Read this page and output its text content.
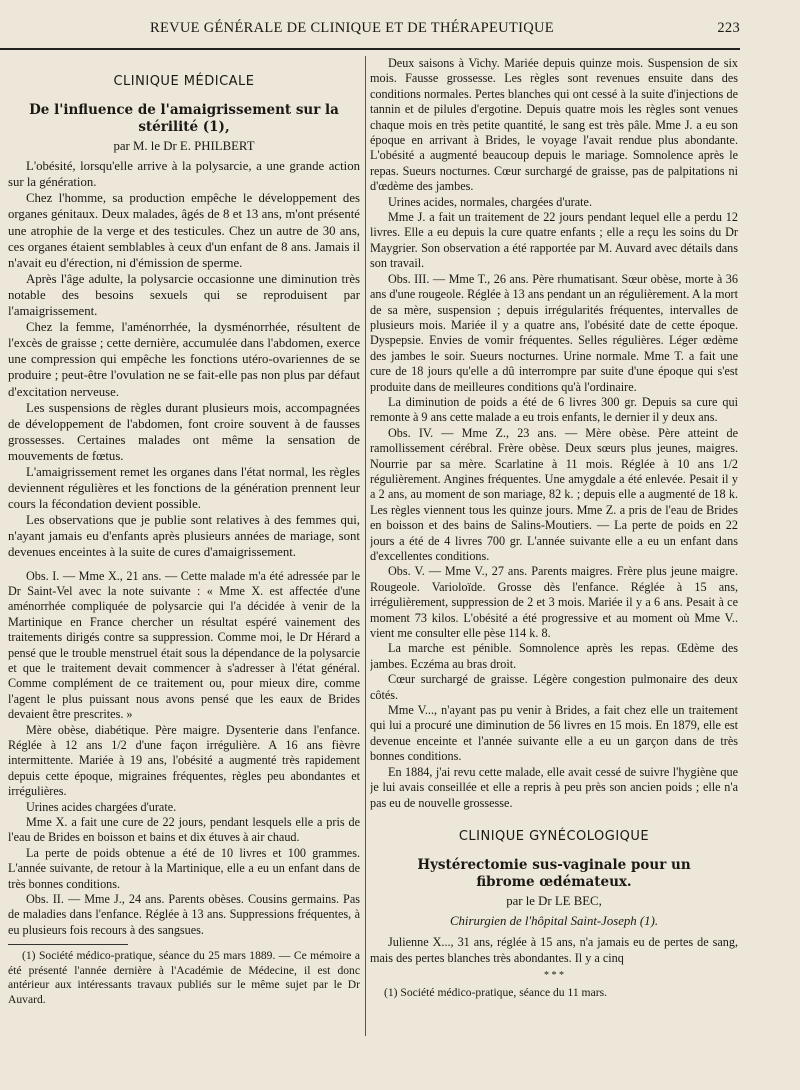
REVUE GÉNÉRALE DE CLINIQUE ET DE THÉRAPEUTIQUE	223
CLINIQUE MÉDICALE
De l'influence de l'amaigrissement sur la stérilité (1),
par M. le Dr E. PHILBERT

L'obésité, lorsqu'elle arrive à la polysarcie, a une grande action sur la génération.

Chez l'homme, sa production empêche le développement des organes génitaux. Deux malades, âgés de 8 et 13 ans, m'ont présenté une atrophie de la verge et des testicules. Chez un autre de 30 ans, ces organes étaient semblables à ceux d'un enfant de 8 ans. Jamais il n'avait eu d'érection, ni d'émission de sperme.

Après l'âge adulte, la polysarcie occasionne une diminution très notable des besoins sexuels qui se reproduisent par l'amaigrissement.

Chez la femme, l'aménorrhée, la dysménorrhée, résultent de l'excès de graisse ; cette dernière, accumulée dans l'abdomen, exerce une compression qui empêche les fonctions utéro-ovariennes de se produire ; peut-être l'ovulation ne se fait-elle pas non plus par défaut d'excitation nerveuse.

Les suspensions de règles durant plusieurs mois, accompagnées de développement de l'abdomen, font croire souvent à de fausses grossesses. Certaines malades ont même la sensation de mouvements de fœtus.

L'amaigrissement remet les organes dans l'état normal, les règles deviennent régulières et les fonctions de la génération prennent leur cours la fécondation devient possible.

Les observations que je publie sont relatives à des femmes qui, n'ayant jamais eu d'enfants après plusieurs années de mariage, sont devenues enceintes à la suite de cures d'amaigrissement.

Obs. I. — Mme X., 21 ans. — Cette malade m'a été adressée par le Dr Saint-Vel avec la note suivante : « Mme X. est affectée d'une aménorrhée compliquée de polysarcie qui l'a décidée à venir de la Martinique en France chercher un résultat espéré vainement des traitements dirigés contre sa suppression. Comme moi, le Dr Hérard a pensé que le trouble menstruel était sous la dépendance de la polysarcie et que le traitement devait commencer à s'adresser à l'état général. Comme complément de ce traitement ou, pour mieux dire, comme l'agent le plus puissant nous avons pensé que les eaux de Brides devaient être prescrites. »

Mère obèse, diabétique. Père maigre. Dysenterie dans l'enfance. Réglée à 12 ans 1/2 d'une façon irrégulière. A 16 ans fièvre intermittente. Mariée à 19 ans, l'obésité a augmenté très rapidement depuis cette époque, migraines fréquentes, règles peu abondantes et irrégulières.

Urines acides chargées d'urate.

Mme X. a fait une cure de 22 jours, pendant lesquels elle a pris de l'eau de Brides en boisson et bains et dix étuves à air chaud.

La perte de poids obtenue a été de 10 livres et 100 grammes. L'année suivante, de retour à la Martinique, elle a eu un enfant dans de très bonnes conditions.

Obs. II. — Mme J., 24 ans. Parents obèses. Cousins germains. Pas de maladies dans l'enfance. Réglée à 13 ans. Suppressions fréquentes, à eu plusieurs fois recours à des sangsues.

(1) Société médico-pratique, séance du 25 mars 1889. — Ce mémoire a été présenté l'année dernière à l'Académie de Médecine, il est donc antérieur aux intéressants travaux publiés sur le même sujet par le Dr Auvard.

Deux saisons à Vichy. Mariée depuis quinze mois. Suspension de six mois. Fausse grossesse. Les règles sont revenues ensuite dans des conditions normales. Pertes blanches qui ont cessé à la suite d'injections de tannin et de pilules d'ergotine. Depuis quatre mois les règles sont venues chaque mois en très petite quantité, le sang est très pâle. Mme J. a eu son époque en arrivant à Brides, le voyage l'avait rendue plus abondante. L'obésité a augmenté beaucoup depuis le mariage. Somnolence après le repas. Sueurs nocturnes. Cœur surchargé de graisse, pas de palpitations ni d'œdème des jambes.

Urines acides, normales, chargées d'urate.

Mme J. a fait un traitement de 22 jours pendant lequel elle a perdu 12 livres. Elle a eu depuis la cure quatre enfants ; elle a reçu les soins du Dr Maygrier. Son observation a été rapportée par M. Auvard avec détails dans son travail.

Obs. III. — Mme T., 26 ans. Père rhumatisant. Sœur obèse, morte à 36 ans d'une rougeole. Réglée à 13 ans pendant un an régulièrement. A la mort de sa mère, suspension ; depuis irrégularités fréquentes, intervalles de plusieurs mois. Mariée il y a quatre ans, l'obésité date de cette époque. Dyspepsie. Envies de vomir fréquentes. Selles régulières. Léger œdème des jambes le soir. Sueurs nocturnes. Urine normale. Mme T. a fait une cure de 18 jours qu'elle a dû interrompre par suite d'une époque qui s'est produite dans de meilleures conditions qu'à l'ordinaire.

La diminution de poids a été de 6 livres 300 gr. Depuis sa cure qui remonte à 9 ans cette malade a eu trois enfants, le dernier il y deux ans.

Obs. IV. — Mme Z., 23 ans. — Mère obèse. Père atteint de ramollissement cérébral. Frère obèse. Deux sœurs plus jeunes, maigres. Nourrie par sa mère. Scarlatine à 11 mois. Réglée à 10 ans 1/2 régulièrement. Angines fréquentes. Une amygdale a été enlevée. Pesait il y a 2 ans, au moment de son mariage, 82 k. ; depuis elle a augmenté de 18 k. Les règles viennent tous les quinze jours. Mme Z. a pris de l'eau de Brides en boisson et des bains de Salins-Moutiers. — La perte de poids en 22 jours a été de 4 livres 700 gr. L'année suivante elle a eu un enfant dans d'excellentes conditions.

Obs. V. — Mme V., 27 ans. Parents maigres. Frère plus jeune maigre. Rougeole. Varioloïde. Grosse dès l'enfance. Réglée à 15 ans, irrégulièrement, suppression de 2 et 3 mois. Mariée il y a 6 ans. Pesait à ce moment 73 kilos. L'obésité a été progressive et au moment où Mme V.. vient me consulter elle pèse 114 k. 8.

La marche est pénible. Somnolence après les repas. Œdème des jambes. Eczéma au bras droit.

Cœur surchargé de graisse. Légère congestion pulmonaire des deux côtés.

Mme V..., n'ayant pas pu venir à Brides, a fait chez elle un traitement qui lui a procuré une diminution de 56 livres en 15 mois. En 1879, elle est devenue enceinte et l'année suivante elle a eu un garçon dans de très bonnes conditions.

En 1884, j'ai revu cette malade, elle avait cessé de suivre l'hygiène que je lui avais conseillée et elle a repris à peu près son ancien poids ; elle n'a pas eu de nouvelle grossesse.

CLINIQUE GYNÉCOLOGIQUE
Hystérectomie sus-vaginale pour un fibrome œdémateux.
par le Dr LE BEC,
Chirurgien de l'hôpital Saint-Joseph (1).

Julienne X..., 31 ans, réglée à 15 ans, n'a jamais eu de pertes de sang, mais des pertes blanches très abondantes. Il y a cinq

* * *

(1) Société médico-pratique, séance du 11 mars.
